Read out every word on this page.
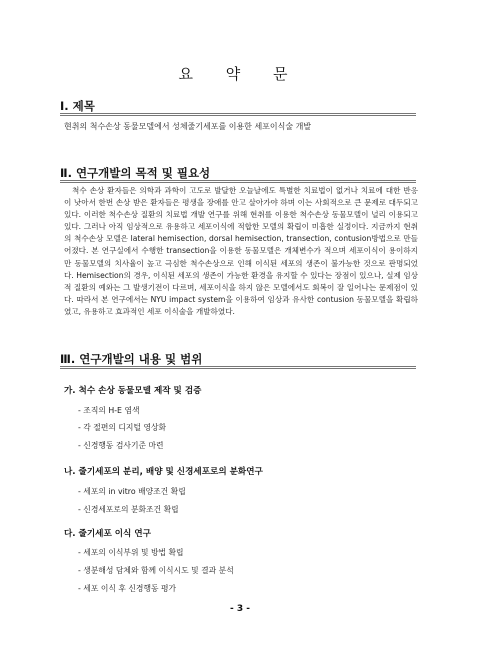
요 약 문
Ⅰ. 제목
현취의 척수손상 동물모델에서 성체줄기세포를 이용한 세포이식술 개발
Ⅱ. 연구개발의 목적 및 필요성
척수 손상 환자들은 의학과 과학이 고도로 발달한 오늘날에도 특별한 치료법이 없거나 치료에 대한 반응이 낫아서 한번 손상 받은 환자들은 평생을 장애를 안고 살아가야 하며 이는 사회적으로 큰 문제로 대두되고 있다. 이러한 척수손상 질환의 치료법 개발 연구를 위해 현취를 이용한 척수손상 동물모델이 널리 이용되고 있다. 그러나 아직 임상적으로 유용하고 세포이식에 적합한 모델의 확립이 미흡한 실정이다. 지금까지 현취의 척수손상 모델은 lateral hemisection, dorsal hemisection, transection, contusion방법으로 만들어졌다. 본 연구실에서 수행한 transection을 이용한 동물모델은 개체변수가 적으며 세포이식이 용이하지만 동물모델의 치사율이 높고 극심한 척수손상으로 인해 이식된 세포의 생존이 불가능한 것으로 판명되었다. Hemisection의 경우, 이식된 세포의 생존이 가능한 환경을 유지할 수 있다는 장점이 있으나, 실제 임상적 질환의 예와는 그 발생기전이 다르며, 세포이식을 하지 않은 모델에서도 회복이 잘 일어나는 문제점이 있다. 따라서 본 연구에서는 NYU impact system을 이용하여 임상과 유사한 contusion 동물모델을 확립하였고, 유용하고 효과적인 세포 이식술을 개발하였다.
Ⅲ. 연구개발의 내용 및 범위
가. 척수 손상 동물모델 제작 및 검증
- 조직의 H-E 염색
- 각 절편의 디지털 영상화
- 신경행동 검사기준 마련
나. 줄기세포의 분리, 배양 및 신경세포로의 분화연구
- 세포의 in vitro 배양조건 확립
- 신경세포로의 분화조건 확립
다. 줄기세포 이식 연구
- 세포의 이식부위 및 방법 확립
- 생분해성 담체와 함께 이식시도 및 결과 분석
- 세포 이식 후 신경행동 평가
- 3 -
